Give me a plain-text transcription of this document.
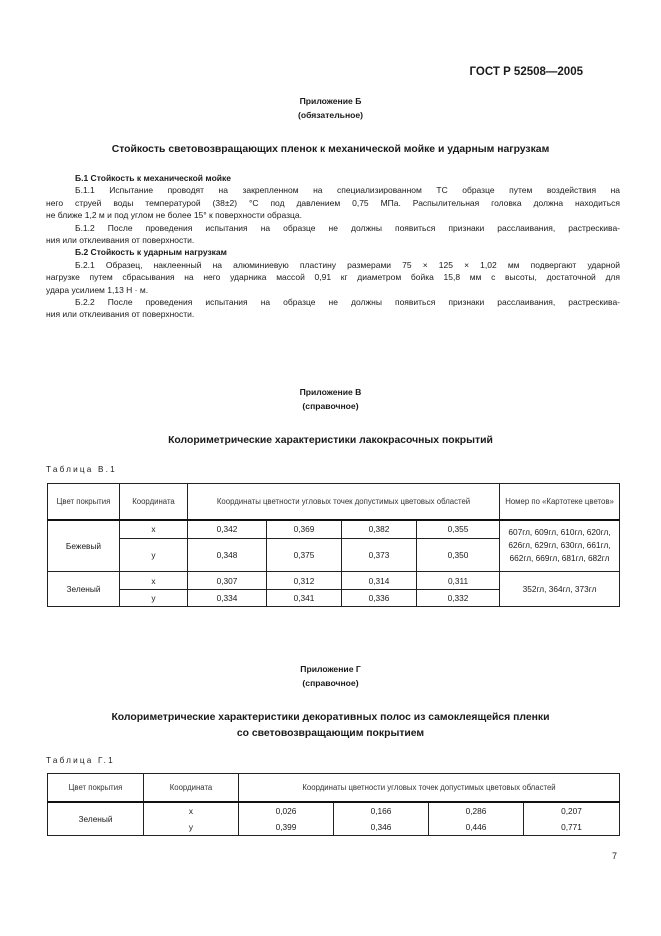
ГОСТ Р 52508—2005
Приложение Б
(обязательное)
Стойкость световозвращающих пленок к механической мойке и ударным нагрузкам
Б.1 Стойкость к механической мойке
Б.1.1 Испытание проводят на закрепленном на специализированном ТС образце путем воздействия на
него струей воды температурой (38±2) °С под давлением 0,75 МПа. Распылительная головка должна находиться
не ближе 1,2 м и под углом не более 15° к поверхности образца.
Б.1.2 После проведения испытания на образце не должны появиться признаки расслаивания, растрескива-
ния или отклеивания от поверхности.
Б.2 Стойкость к ударным нагрузкам
Б.2.1 Образец, наклеенный на алюминиевую пластину размерами 75 × 125 × 1,02 мм подвергают ударной
нагрузке путем сбрасывания на него ударника массой 0,91 кг диаметром бойка 15,8 мм с высоты, достаточной для
удара усилием 1,13 Н · м.
Б.2.2 После проведения испытания на образце не должны появиться признаки расслаивания, растрескива-
ния или отклеивания от поверхности.
Приложение В
(справочное)
Колориметрические характеристики лакокрасочных покрытий
Таблица В.1
Цвет покрытия	Координата	Координаты цветности угловых точек допустимых цветовых областей				Номер по «Картотеке цветов»
Бежевый	x	0,342	0,369	0,382	0,355	607гл, 609гл, 610гл, 620гл, 626гл, 629гл, 630гл, 661гл, 662гл, 669гл, 681гл, 682гл
	y	0,348	0,375	0,373	0,350	
Зеленый	x	0,307	0,312	0,314	0,311	352гл, 364гл, 373гл
	y	0,334	0,341	0,336	0,332	
Приложение Г
(справочное)
Колориметрические характеристики декоративных полос из самоклеящейся пленки
со световозвращающим покрытием
Таблица Г.1
Цвет покрытия	Координата	Координаты цветности угловых точек допустимых цветовых областей			
Зеленый	x	0,026	0,166	0,286	0,207
	y	0,399	0,346	0,446	0,771
7
